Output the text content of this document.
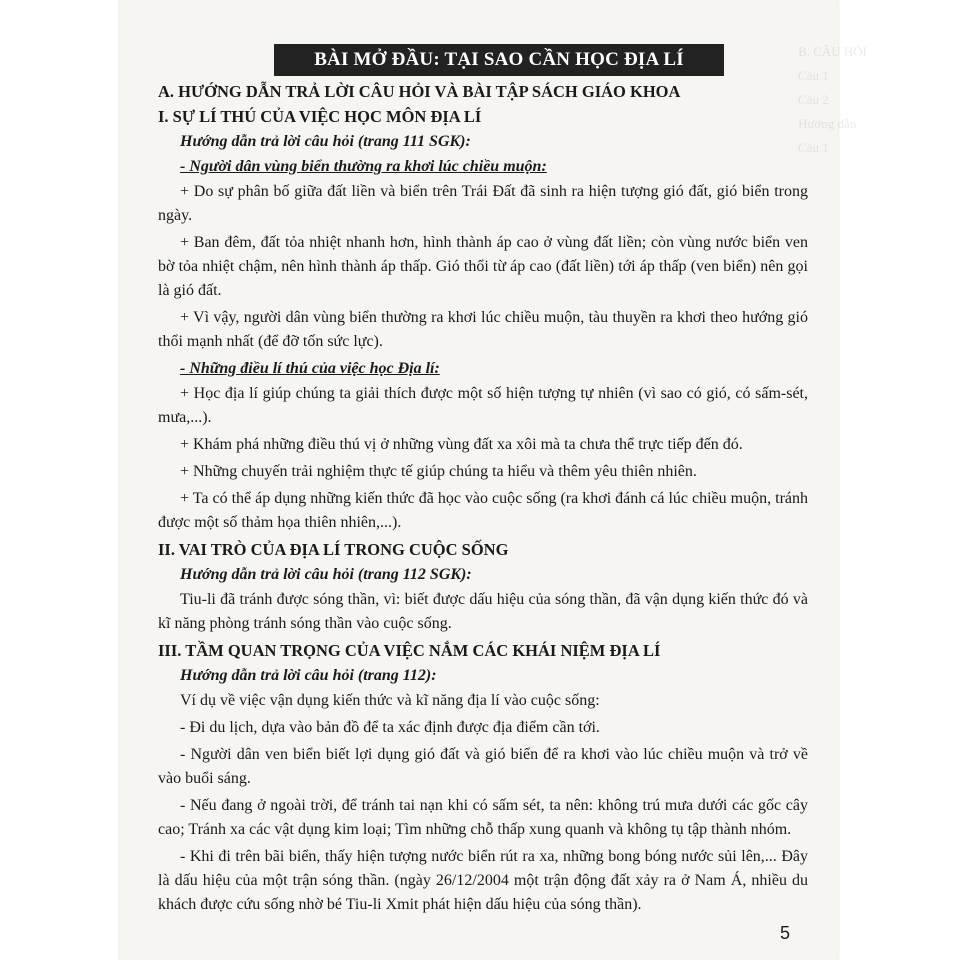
B. CÂU HỎI
Câu 1
Câu 2
Hướng dẫn
Câu 1
BÀI MỞ ĐẦU: TẠI SAO CẦN HỌC ĐỊA LÍ
A. HƯỚNG DẪN TRẢ LỜI CÂU HỎI VÀ BÀI TẬP SÁCH GIÁO KHOA
I. SỰ LÍ THÚ CỦA VIỆC HỌC MÔN ĐỊA LÍ
Hướng dẫn trả lời câu hỏi (trang 111 SGK):
- Người dân vùng biển thường ra khơi lúc chiều muộn:
+ Do sự phân bố giữa đất liền và biển trên Trái Đất đã sinh ra hiện tượng gió đất, gió biển trong ngày.
+ Ban đêm, đất tỏa nhiệt nhanh hơn, hình thành áp cao ở vùng đất liền; còn vùng nước biển ven bờ tỏa nhiệt chậm, nên hình thành áp thấp. Gió thổi từ áp cao (đất liền) tới áp thấp (ven biển) nên gọi là gió đất.
+ Vì vậy, người dân vùng biển thường ra khơi lúc chiều muộn, tàu thuyền ra khơi theo hướng gió thổi mạnh nhất (để đỡ tốn sức lực).
- Những điều lí thú của việc học Địa lí:
+ Học địa lí giúp chúng ta giải thích được một số hiện tượng tự nhiên (vì sao có gió, có sấm-sét, mưa,...).
+ Khám phá những điều thú vị ở những vùng đất xa xôi mà ta chưa thể trực tiếp đến đó.
+ Những chuyến trải nghiệm thực tế giúp chúng ta hiểu và thêm yêu thiên nhiên.
+ Ta có thể áp dụng những kiến thức đã học vào cuộc sống (ra khơi đánh cá lúc chiều muộn, tránh được một số thảm họa thiên nhiên,...).
II. VAI TRÒ CỦA ĐỊA LÍ TRONG CUỘC SỐNG
Hướng dẫn trả lời câu hỏi (trang 112 SGK):
Tiu-li đã tránh được sóng thần, vì: biết được dấu hiệu của sóng thần, đã vận dụng kiến thức đó và kĩ năng phòng tránh sóng thần vào cuộc sống.
III. TẦM QUAN TRỌNG CỦA VIỆC NẮM CÁC KHÁI NIỆM ĐỊA LÍ
Hướng dẫn trả lời câu hỏi (trang 112):
Ví dụ về việc vận dụng kiến thức và kĩ năng địa lí vào cuộc sống:
- Đi du lịch, dựa vào bản đồ để ta xác định được địa điểm cần tới.
- Người dân ven biển biết lợi dụng gió đất và gió biển để ra khơi vào lúc chiều muộn và trở về vào buổi sáng.
- Nếu đang ở ngoài trời, để tránh tai nạn khi có sấm sét, ta nên: không trú mưa dưới các gốc cây cao; Tránh xa các vật dụng kim loại; Tìm những chỗ thấp xung quanh và không tụ tập thành nhóm.
- Khi đi trên bãi biển, thấy hiện tượng nước biển rút ra xa, những bong bóng nước sủi lên,... Đây là dấu hiệu của một trận sóng thần. (ngày 26/12/2004 một trận động đất xảy ra ở Nam Á, nhiều du khách được cứu sống nhờ bé Tiu-li Xmit phát hiện dấu hiệu của sóng thần).
5
